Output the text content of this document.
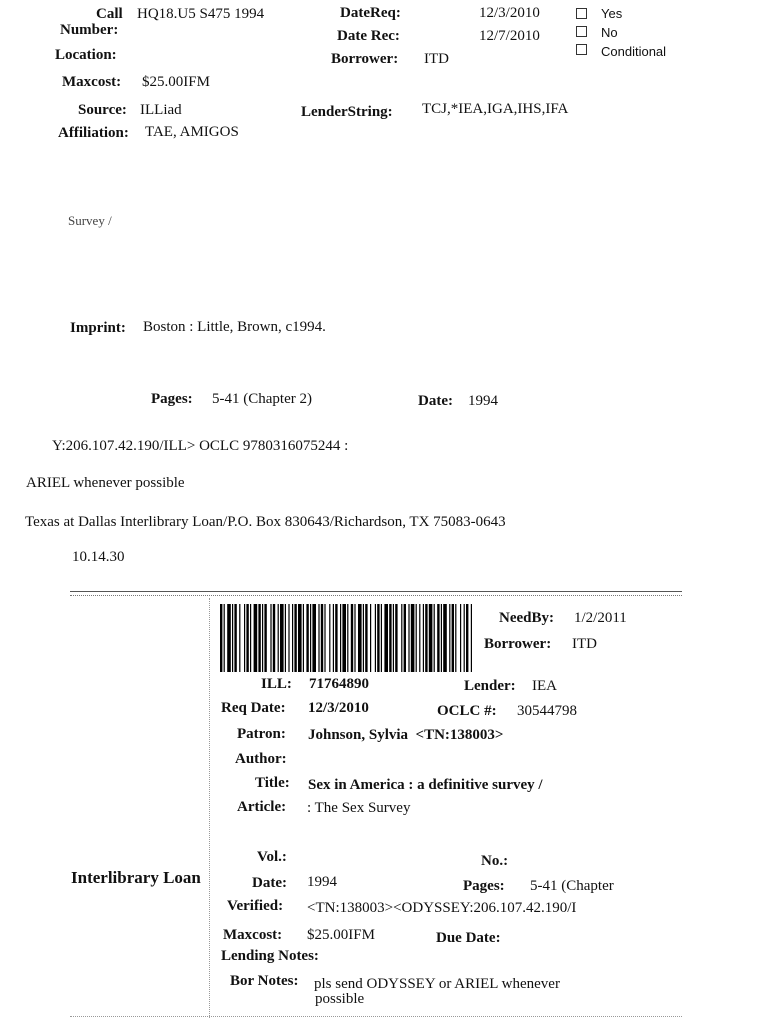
Call HQ18.U5 S475 1994
Number:
Location:
Maxcost: $25.00IFM
Source: ILLiad
Affiliation: TAE, AMIGOS
DateReq:	12/3/2010
Date Rec:	12/7/2010
Borrower: ITD
LenderString: TCJ,*IEA,IGA,IHS,IFA
Yes
No
Conditional
Survey /
Imprint: Boston : Little, Brown, c1994.
Pages: 5-41 (Chapter 2)	Date: 1994
Y:206.107.42.190/ILL> OCLC 9780316075244 :
ARIEL whenever possible
Texas at Dallas Interlibrary Loan/P.O. Box 830643/Richardson, TX 75083-0643
10.14.30
NeedBy: 1/2/2011
Borrower: ITD
ILL: 71764890	Lender: IEA
Req Date: 12/3/2010	OCLC #: 30544798
Patron: Johnson, Sylvia  <TN:138003>
Author:
Title: Sex in America : a definitive survey /
Article: : The Sex Survey
Interlibrary Loan
Vol.:	No.:
Date: 1994	Pages: 5-41 (Chapter
Verified: <TN:138003><ODYSSEY:206.107.42.190/I
Maxcost: $25.00IFM	Due Date:
Lending Notes:
Bor Notes: pls send ODYSSEY or ARIEL whenever
possible
